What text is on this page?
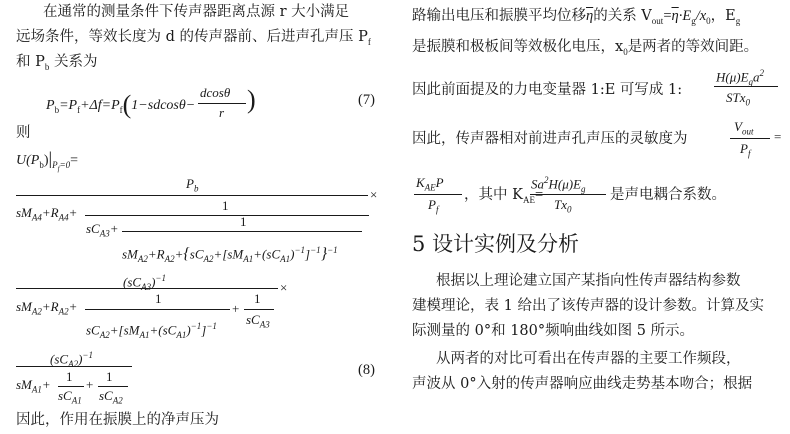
在通常的测量条件下传声器距离点源 r 大小满足
远场条件，等效长度为 d 的传声器前、后进声孔声压 $P_f$
和 $P_b$ 关系为
$P_b=P_f+\Delta f=P_f(1-sdcos\theta-$
dcosθ
r )	(7)
则
$U(P_b)|_{P_f=0}=$
$P_b$	×
$sM_{A4}+R_{A4}+$	1
$sC_{A3}+$	1
$sM_{A2}+R_{A2}+\{sC_{A2}+[sM_{A1}+(sC_{A1})^{-1}]^{-1}\}^{-1}$
$(sC_{A3})^{-1}$
×
$sM_{A2}+R_{A2}+$
1
$sC_{A2}+[sM_{A1}+(sC_{A1})^{-1}]^{-1}$
+
1
$sC_{A3}$
$(sC_{A2})^{-1}$
$sM_{A1}+$
1
$sC_{A1}$
+
1
$sC_{A2}$
(8)
因此，作用在振膜上的净声压为
路输出电压和振膜平均位移$\overline{\eta}$的关系 $V_{out}=\overline{\eta}\cdot E_g/x_0$，$E_g$
是振膜和极板间等效极化电压，$x_0$是两者的等效间距。
因此前面提及的力电变量器 1:E 可写成 1:
$H(\mu)E_ga^2$
STx$_0$
因此，传声器相对前进声孔声压的灵敏度为
$V_{out}$
$P_f$
=
$K_{AE}P$
$P_f$
，其中 $K_{AE}=$
$Sa^2H(\mu)E_g$
$Tx_0$
是声电耦合系数。
5 设计实例及分析
根据以上理论建立国产某指向性传声器结构参数
建模理论，表 1 给出了该传声器的设计参数。计算及实
际测量的 0°和 180°频响曲线如图 5 所示。
从两者的对比可看出在传声器的主要工作频段，
声波从 0°入射的传声器响应曲线走势基本吻合；根据
